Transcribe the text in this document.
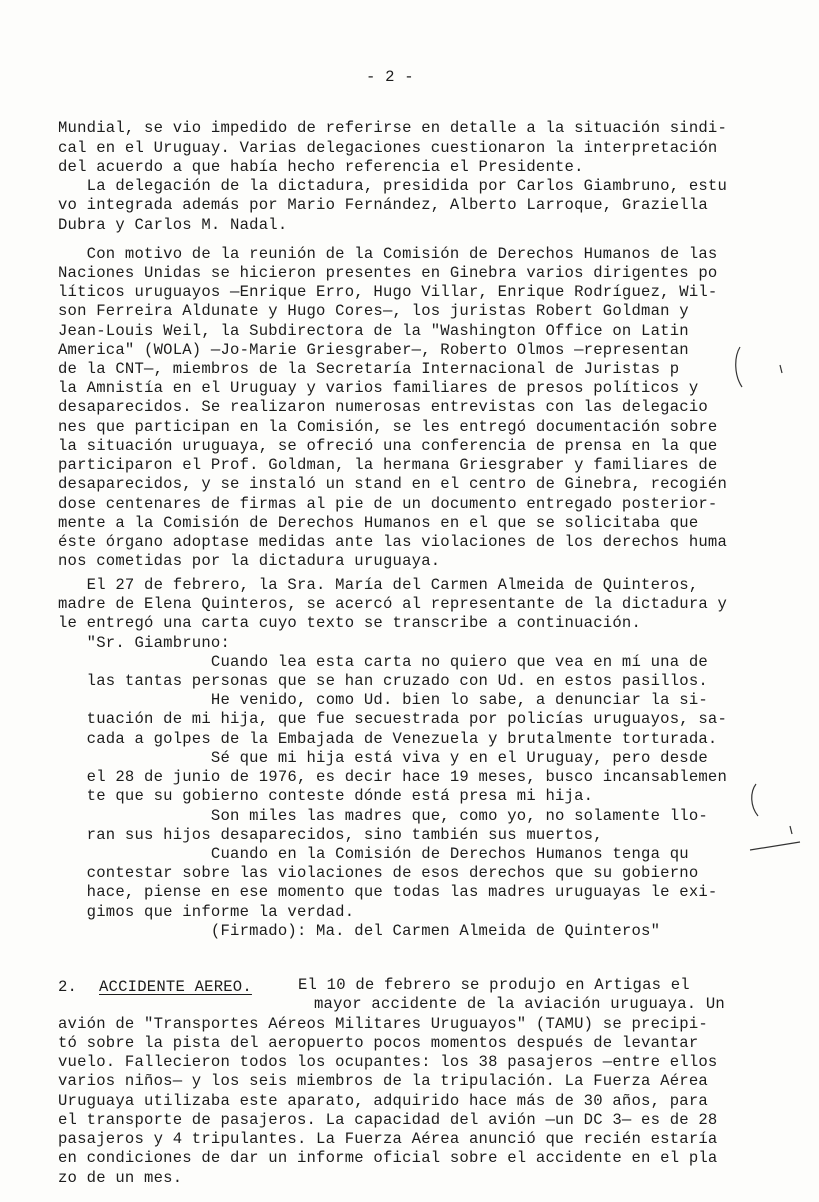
- 2 -
Mundial, se vio impedido de referirse en detalle a la situación sindi-
cal en el Uruguay. Varias delegaciones cuestionaron la interpretación
del acuerdo a que había hecho referencia el Presidente.
La delegación de la dictadura, presidida por Carlos Giambruno, estu
vo integrada además por Mario Fernández, Alberto Larroque, Graziella
Dubra y Carlos M. Nadal.
Con motivo de la reunión de la Comisión de Derechos Humanos de las
Naciones Unidas se hicieron presentes en Ginebra varios dirigentes po
líticos uruguayos —Enrique Erro, Hugo Villar, Enrique Rodríguez, Wil-
son Ferreira Aldunate y Hugo Cores—, los juristas Robert Goldman y
Jean-Louis Weil, la Subdirectora de la "Washington Office on Latin
America" (WOLA) —Jo-Marie Griesgraber—, Roberto Olmos —representan
de la CNT—, miembros de la Secretaría Internacional de Juristas p
la Amnistía en el Uruguay y varios familiares de presos políticos y
desaparecidos. Se realizaron numerosas entrevistas con las delegacio
nes que participan en la Comisión, se les entregó documentación sobre
la situación uruguaya, se ofreció una conferencia de prensa en la que
participaron el Prof. Goldman, la hermana Griesgraber y familiares de
desaparecidos, y se instaló un stand en el centro de Ginebra, recogién
dose centenares de firmas al pie de un documento entregado posterior-
mente a la Comisión de Derechos Humanos en el que se solicitaba que
éste órgano adoptase medidas ante las violaciones de los derechos huma
nos cometidas por la dictadura uruguaya.
El 27 de febrero, la Sra. María del Carmen Almeida de Quinteros,
madre de Elena Quinteros, se acercó al representante de la dictadura y
le entregó una carta cuyo texto se transcribe a continuación.
"Sr. Giambruno:
Cuando lea esta carta no quiero que vea en mí una de
las tantas personas que se han cruzado con Ud. en estos pasillos.
He venido, como Ud. bien lo sabe, a denunciar la si-
tuación de mi hija, que fue secuestrada por policías uruguayos, sa-
cada a golpes de la Embajada de Venezuela y brutalmente torturada.
Sé que mi hija está viva y en el Uruguay, pero desde
el 28 de junio de 1976, es decir hace 19 meses, busco incansablemen
te que su gobierno conteste dónde está presa mi hija.
Son miles las madres que, como yo, no solamente llo-
ran sus hijos desaparecidos, sino también sus muertos,
Cuando en la Comisión de Derechos Humanos tenga qu
contestar sobre las violaciones de esos derechos que su gobierno
hace, piense en ese momento que todas las madres uruguayas le exi-
gimos que informe la verdad.
(Firmado): Ma. del Carmen Almeida de Quinteros"
2. ACCIDENTE AEREO.	El 10 de febrero se produjo en Artigas el
mayor accidente de la aviación uruguaya. Un
avión de "Transportes Aéreos Militares Uruguayos" (TAMU) se precipi-
tó sobre la pista del aeropuerto pocos momentos después de levantar
vuelo. Fallecieron todos los ocupantes: los 38 pasajeros —entre ellos
varios niños— y los seis miembros de la tripulación. La Fuerza Aérea
Uruguaya utilizaba este aparato, adquirido hace más de 30 años, para
el transporte de pasajeros. La capacidad del avión —un DC 3— es de 28
pasajeros y 4 tripulantes. La Fuerza Aérea anunció que recién estaría
en condiciones de dar un informe oficial sobre el accidente en el pla
zo de un mes.
